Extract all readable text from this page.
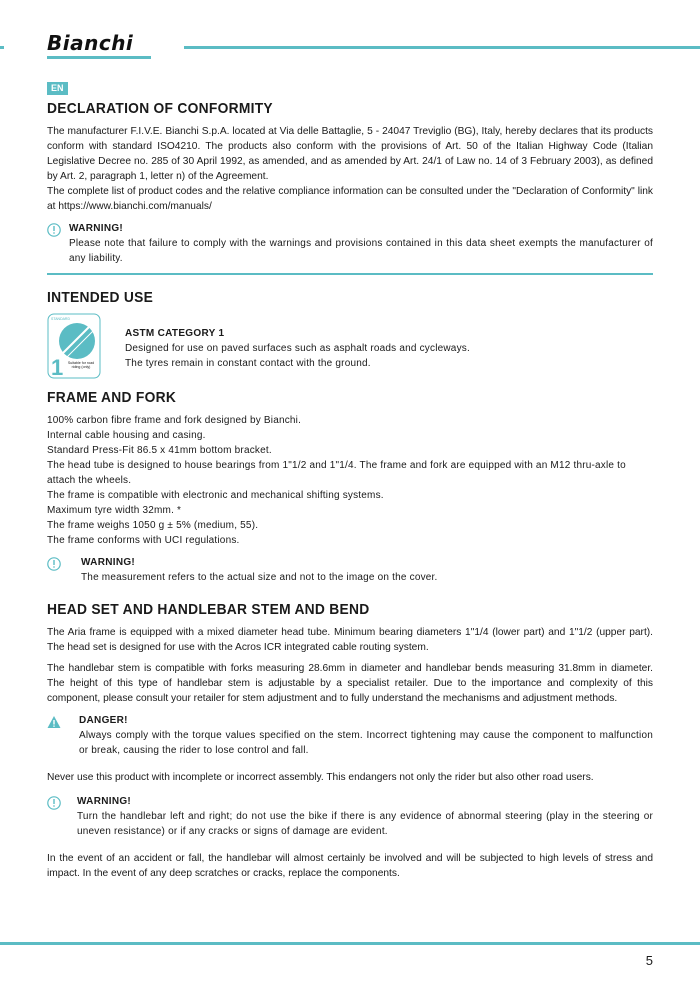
Bianchi
EN
DECLARATION OF CONFORMITY

The manufacturer F.I.V.E. Bianchi S.p.A. located at Via delle Battaglie, 5 - 24047 Treviglio (BG), Italy, hereby declares that its products conform with standard ISO4210. The products also conform with the provisions of Art. 50 of the Italian Highway Code (Italian Legislative Decree no. 285 of 30 April 1992, as amended, and as amended by Art. 24/1 of Law no. 14 of 3 February 2003), as defined by Art. 2, paragraph 1, letter n) of the Agreement.

The complete list of product codes and the relative compliance information can be consulted under the "Declaration of Conformity" link at https://www.bianchi.com/manuals/

WARNING!
Please note that failure to comply with the warnings and provisions contained in this data sheet exempts the manufacturer of any liability.
INTENDED USE
STANDARD
1	Suitable for road riding (only)
ASTM CATEGORY 1
Designed for use on paved surfaces such as asphalt roads and cycleways.
The tyres remain in constant contact with the ground.
FRAME AND FORK

100% carbon fibre frame and fork designed by Bianchi.

Internal cable housing and casing.

Standard Press-Fit 86.5 x 41mm bottom bracket.

The head tube is designed to house bearings from 1"1/2 and 1"1/4. The frame and fork are equipped with an M12 thru-axle to attach the wheels.

The frame is compatible with electronic and mechanical shifting systems.

Maximum tyre width 32mm. *

The frame weighs 1050 g ± 5% (medium, 55).

The frame conforms with UCI regulations.

WARNING!
The measurement refers to the actual size and not to the image on the cover.
HEAD SET AND HANDLEBAR STEM AND BEND

The Aria frame is equipped with a mixed diameter head tube. Minimum bearing diameters 1"1/4 (lower part) and 1"1/2 (upper part). The head set is designed for use with the Acros ICR integrated cable routing system.

The handlebar stem is compatible with forks measuring 28.6mm in diameter and handlebar bends measuring 31.8mm in diameter. The height of this type of handlebar stem is adjustable by a specialist retailer. Due to the importance and complexity of this component, please consult your retailer for stem adjustment and to fully understand the mechanisms and adjustment methods.

DANGER!
Always comply with the torque values specified on the stem. Incorrect tightening may cause the component to malfunction or break, causing the rider to lose control and fall.

Never use this product with incomplete or incorrect assembly. This endangers not only the rider but also other road users.

WARNING!
Turn the handlebar left and right; do not use the bike if there is any evidence of abnormal steering (play in the steering or uneven resistance) or if any cracks or signs of damage are evident.

In the event of an accident or fall, the handlebar will almost certainly be involved and will be subjected to high levels of stress and impact. In the event of any deep scratches or cracks, replace the components.

5
